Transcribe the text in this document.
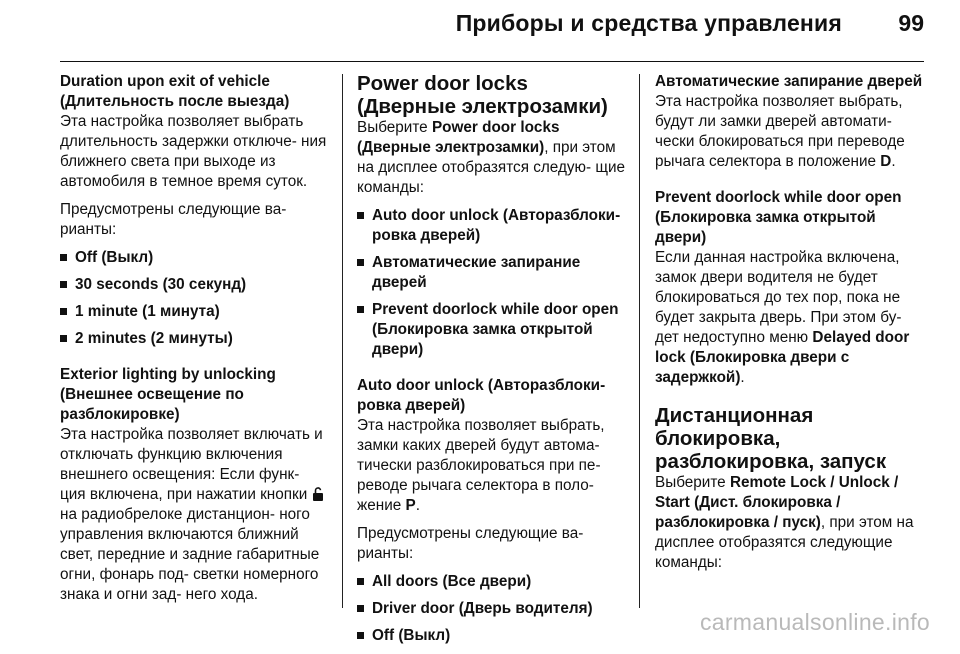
Приборы и средства управления 99

Duration upon exit of vehicle (Длительность после выезда)

Эта настройка позволяет выбрать длительность задержки отключе- ния ближнего света при выходе из автомобиля в темное время суток.

Предусмотрены следующие ва- рианты:

Off (Выкл)
30 seconds (30 секунд)
1 minute (1 минута)
2 minutes (2 минуты)

Exterior lighting by unlocking (Внешнее освещение по разблокировке)

Эта настройка позволяет включать и отключать функцию включения внешнего освещения: Если функ- ция включена, при нажатии кнопки  на радиобрелоке дистанцион- ного управления включаются ближний свет, передние и задние габаритные огни, фонарь под- светки номерного знака и огни зад- него хода.

Power door locks (Дверные электрозамки)

Выберите Power door locks (Дверные электрозамки), при этом на дисплее отобразятся следую- щие команды:

Auto door unlock (Авторазблоки- ровка дверей)
Автоматические запирание дверей
Prevent doorlock while door open (Блокировка замка открытой двери)

Auto door unlock (Авторазблоки- ровка дверей)

Эта настройка позволяет выбрать, замки каких дверей будут автома- тически разблокироваться при пе- реводе рычага селектора в поло- жение P.

Предусмотрены следующие ва- рианты:

All doors (Все двери)
Driver door (Дверь водителя)
Off (Выкл)

Автоматические запирание дверей

Эта настройка позволяет выбрать, будут ли замки дверей автомати- чески блокироваться при переводе рычага селектора в положение D.

Prevent doorlock while door open (Блокировка замка открытой двери)

Если данная настройка включена, замок двери водителя не будет блокироваться до тех пор, пока не будет закрыта дверь. При этом бу- дет недоступно меню Delayed door lock (Блокировка двери с задержкой).

Дистанционная блокировка, разблокировка, запуск

Выберите Remote Lock / Unlock / Start (Дист. блокировка / разблокировка / пуск), при этом на дисплее отобразятся следующие команды:

carmanualsonline.info
